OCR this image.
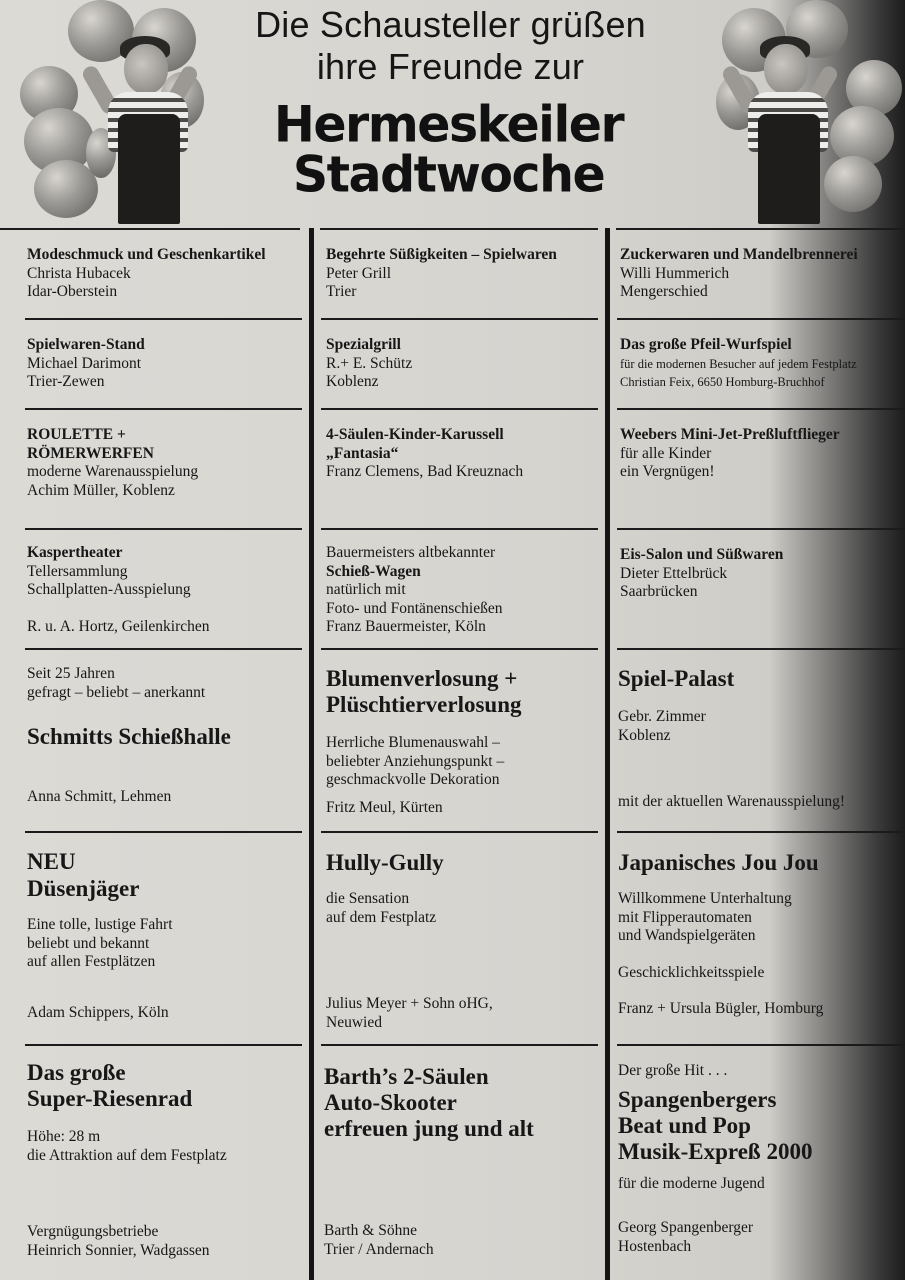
Die Schausteller grüßen
ihre Freunde zur
Hermeskeiler
Stadtwoche
Modeschmuck und Geschenkartikel
Christa Hubacek
Idar-Oberstein
Begehrte Süßigkeiten – Spielwaren
Peter Grill
Trier
Zuckerwaren und Mandelbrennerei
Willi Hummerich
Mengerschied
Spielwaren-Stand
Michael Darimont
Trier-Zewen
Spezialgrill
R.+ E. Schütz
Koblenz
Das große Pfeil-Wurfspiel
für die modernen Besucher auf jedem Festplatz
Christian Feix, 6650 Homburg-Bruchhof
ROULETTE +
RÖMERWERFEN
moderne Warenausspielung
Achim Müller, Koblenz
4-Säulen-Kinder-Karussell
„Fantasia“
Franz Clemens, Bad Kreuznach
Weebers Mini-Jet-Preßluftflieger
für alle Kinder
ein Vergnügen!
Kaspertheater
Tellersammlung
Schallplatten-Ausspielung
R. u. A. Hortz, Geilenkirchen
Bauermeisters altbekannter
Schieß-Wagen
natürlich mit
Foto- und Fontänenschießen
Franz Bauermeister, Köln
Eis-Salon und Süßwaren
Dieter Ettelbrück
Saarbrücken
Seit 25 Jahren
gefragt – beliebt – anerkannt
Schmitts Schießhalle
Anna Schmitt, Lehmen
Blumenverlosung +
Plüschtierverlosung
Herrliche Blumenauswahl –
beliebter Anziehungspunkt –
geschmackvolle Dekoration
Fritz Meul, Kürten
Spiel-Palast
Gebr. Zimmer
Koblenz
mit der aktuellen Warenausspielung!
NEU
Düsenjäger
Eine tolle, lustige Fahrt
beliebt und bekannt
auf allen Festplätzen
Adam Schippers, Köln
Hully-Gully
die Sensation
auf dem Festplatz
Julius Meyer + Sohn oHG,
Neuwied
Japanisches Jou Jou
Willkommene Unterhaltung
mit Flipperautomaten
und Wandspielgeräten
Geschicklichkeitsspiele
Franz + Ursula Bügler, Homburg
Das große
Super-Riesenrad
Höhe: 28 m
die Attraktion auf dem Festplatz
Vergnügungsbetriebe
Heinrich Sonnier, Wadgassen
Barth’s 2-Säulen
Auto-Skooter
erfreuen jung und alt
Barth & Söhne
Trier / Andernach
Der große Hit . . .
Spangenbergers
Beat und Pop
Musik-Expreß 2000
für die moderne Jugend
Georg Spangenberger
Hostenbach
